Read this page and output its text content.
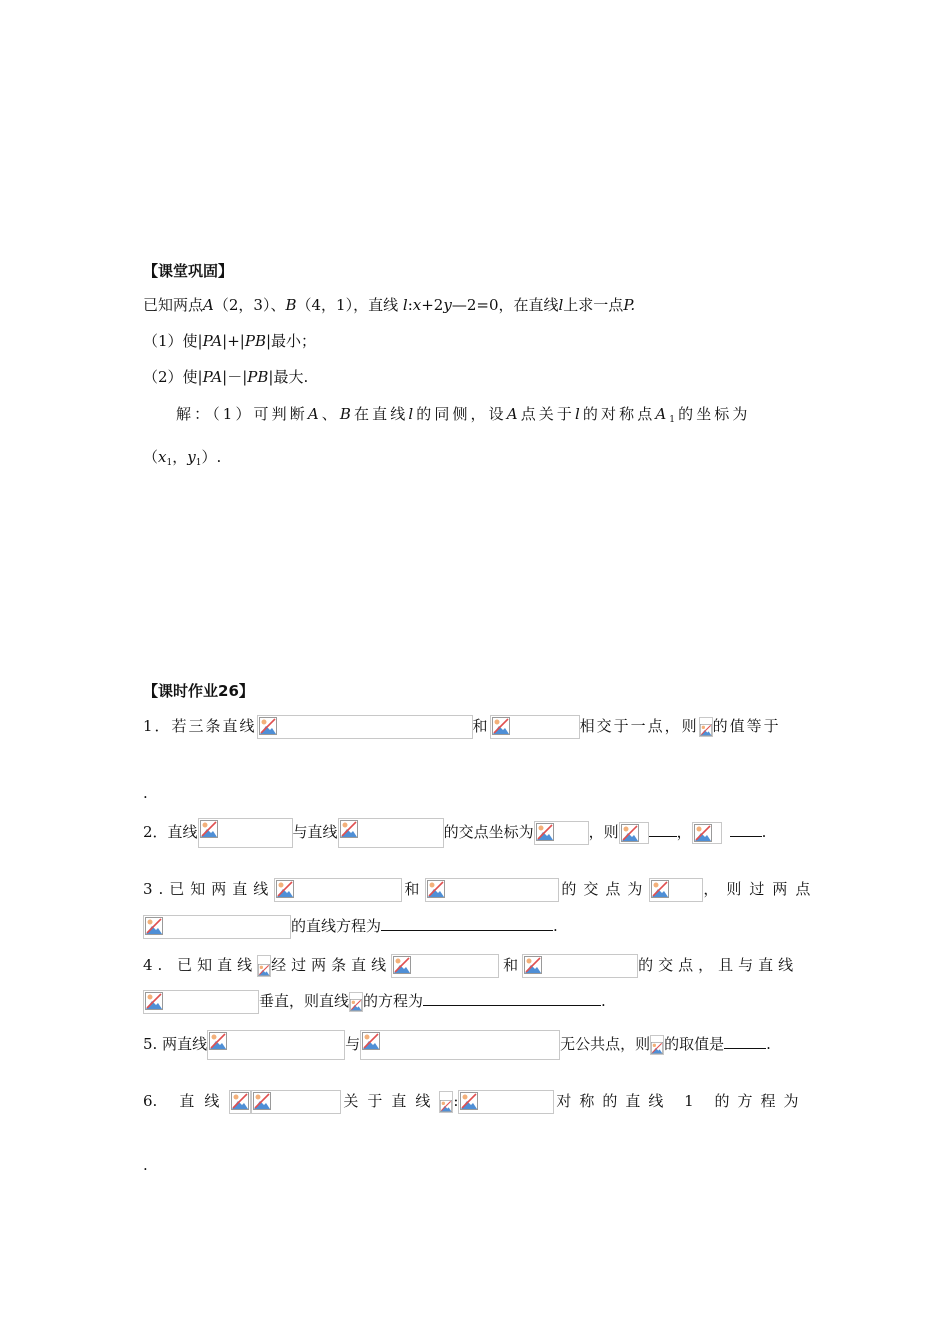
【课堂巩固】
已知两点A（2，3）、B（4，1），直线 l:x+2y—2=0，在直线l上求一点P.
（1）使|PA|+|PB|最小；
（2）使|PA|－|PB|最大.
解：（1）可判断A、B在直线l的同侧，设A点关于l的对称点$A_1$的坐标为
（$x_1$，$y_1$）.
【课时作业26】
1．若三条直线	和	相交于一点，则 的值等于
.
2．直线	与直线	的交点坐标为	，则	，	.
3.已知两直线	和	的交点为	，则过两点
的直线方程为	.
4. 已知直线 经过两条直线	和	的交点，且与直线
垂直，则直线 的方程为	.
5. 两直线	与	无公共点，则 的取值是	.
6. 直线	关于直线 :	对称的直线 1 的方程为
.
